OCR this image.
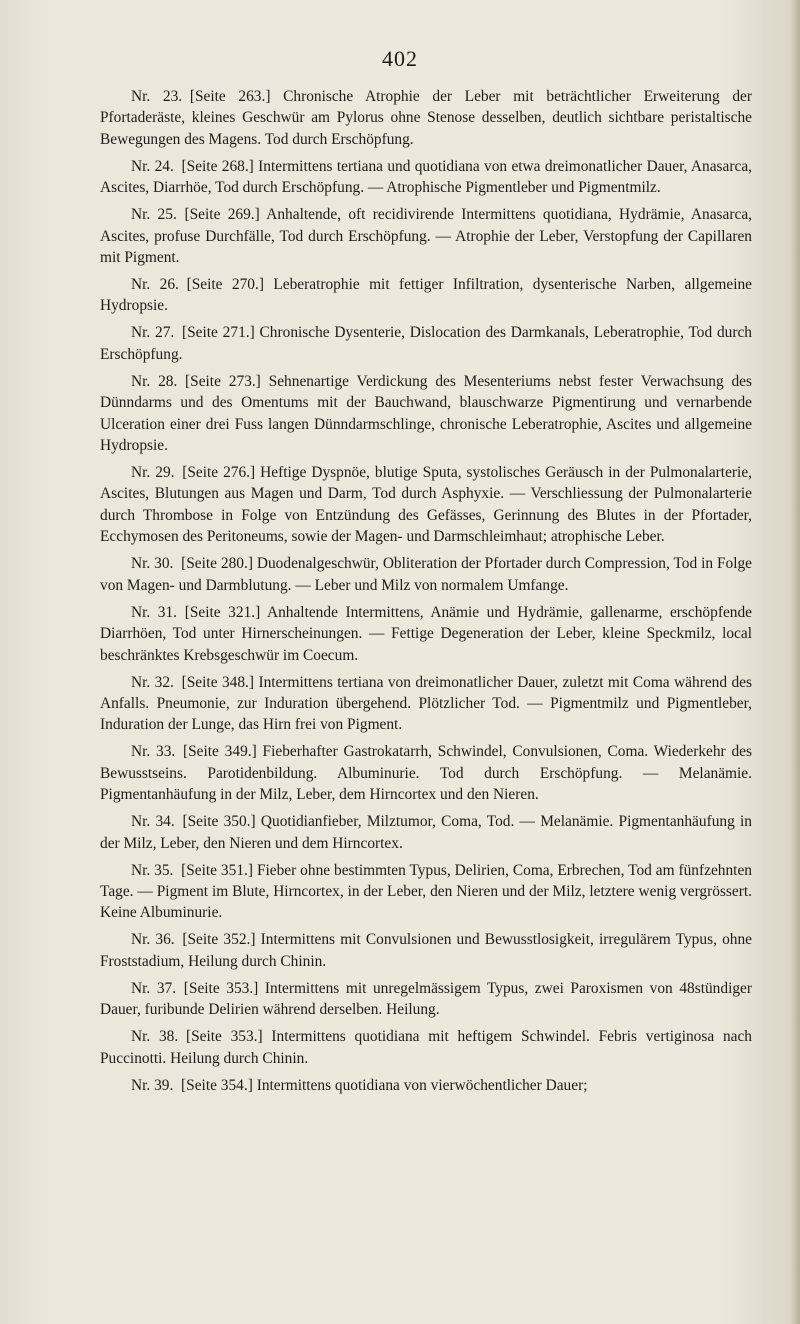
402

Nr. 23.  [Seite 263.] Chronische Atrophie der Leber mit beträchtlicher Erweiterung der Pfortaderäste, kleines Geschwür am Pylorus ohne Stenose desselben, deutlich sichtbare peristaltische Bewegungen des Magens. Tod durch Erschöpfung.

Nr. 24.  [Seite 268.] Intermittens tertiana und quotidiana von etwa dreimonatlicher Dauer, Anasarca, Ascites, Diarrhöe, Tod durch Erschöpfung. — Atrophische Pigmentleber und Pigmentmilz.

Nr. 25.  [Seite 269.] Anhaltende, oft recidivirende Intermittens quotidiana, Hydrämie, Anasarca, Ascites, profuse Durchfälle, Tod durch Erschöpfung. — Atrophie der Leber, Verstopfung der Capillaren mit Pigment.

Nr. 26.  [Seite 270.] Leberatrophie mit fettiger Infiltration, dysenterische Narben, allgemeine Hydropsie.

Nr. 27.  [Seite 271.] Chronische Dysenterie, Dislocation des Darmkanals, Leberatrophie, Tod durch Erschöpfung.

Nr. 28.  [Seite 273.] Sehnenartige Verdickung des Mesenteriums nebst fester Verwachsung des Dünndarms und des Omentums mit der Bauchwand, blauschwarze Pigmentirung und vernarbende Ulceration einer drei Fuss langen Dünndarmschlinge, chronische Leberatrophie, Ascites und allgemeine Hydropsie.

Nr. 29.  [Seite 276.] Heftige Dyspnöe, blutige Sputa, systolisches Geräusch in der Pulmonalarterie, Ascites, Blutungen aus Magen und Darm, Tod durch Asphyxie. — Verschliessung der Pulmonalarterie durch Thrombose in Folge von Entzündung des Gefässes, Gerinnung des Blutes in der Pfortader, Ecchymosen des Peritoneums, sowie der Magen- und Darmschleimhaut; atrophische Leber.

Nr. 30.  [Seite 280.] Duodenalgeschwür, Obliteration der Pfortader durch Compression, Tod in Folge von Magen- und Darmblutung. — Leber und Milz von normalem Umfange.

Nr. 31.  [Seite 321.] Anhaltende Intermittens, Anämie und Hydrämie, gallenarme, erschöpfende Diarrhöen, Tod unter Hirnerscheinungen. — Fettige Degeneration der Leber, kleine Speckmilz, local beschränktes Krebsgeschwür im Coecum.

Nr. 32.  [Seite 348.] Intermittens tertiana von dreimonatlicher Dauer, zuletzt mit Coma während des Anfalls. Pneumonie, zur Induration übergehend. Plötzlicher Tod. — Pigmentmilz und Pigmentleber, Induration der Lunge, das Hirn frei von Pigment.

Nr. 33.  [Seite 349.] Fieberhafter Gastrokatarrh, Schwindel, Convulsionen, Coma. Wiederkehr des Bewusstseins. Parotidenbildung. Albuminurie. Tod durch Erschöpfung. — Melanämie. Pigmentanhäufung in der Milz, Leber, dem Hirncortex und den Nieren.

Nr. 34.  [Seite 350.] Quotidianfieber, Milztumor, Coma, Tod. — Melanämie. Pigmentanhäufung in der Milz, Leber, den Nieren und dem Hirncortex.

Nr. 35.  [Seite 351.] Fieber ohne bestimmten Typus, Delirien, Coma, Erbrechen, Tod am fünfzehnten Tage. — Pigment im Blute, Hirncortex, in der Leber, den Nieren und der Milz, letztere wenig vergrössert. Keine Albuminurie.

Nr. 36.  [Seite 352.] Intermittens mit Convulsionen und Bewusstlosigkeit, irregulärem Typus, ohne Froststadium, Heilung durch Chinin.

Nr. 37.  [Seite 353.] Intermittens mit unregelmässigem Typus, zwei Paroxismen von 48stündiger Dauer, furibunde Delirien während derselben. Heilung.

Nr. 38.  [Seite 353.] Intermittens quotidiana mit heftigem Schwindel. Febris vertiginosa nach Puccinotti. Heilung durch Chinin.

Nr. 39.  [Seite 354.] Intermittens quotidiana von vierwöchentlicher Dauer;
